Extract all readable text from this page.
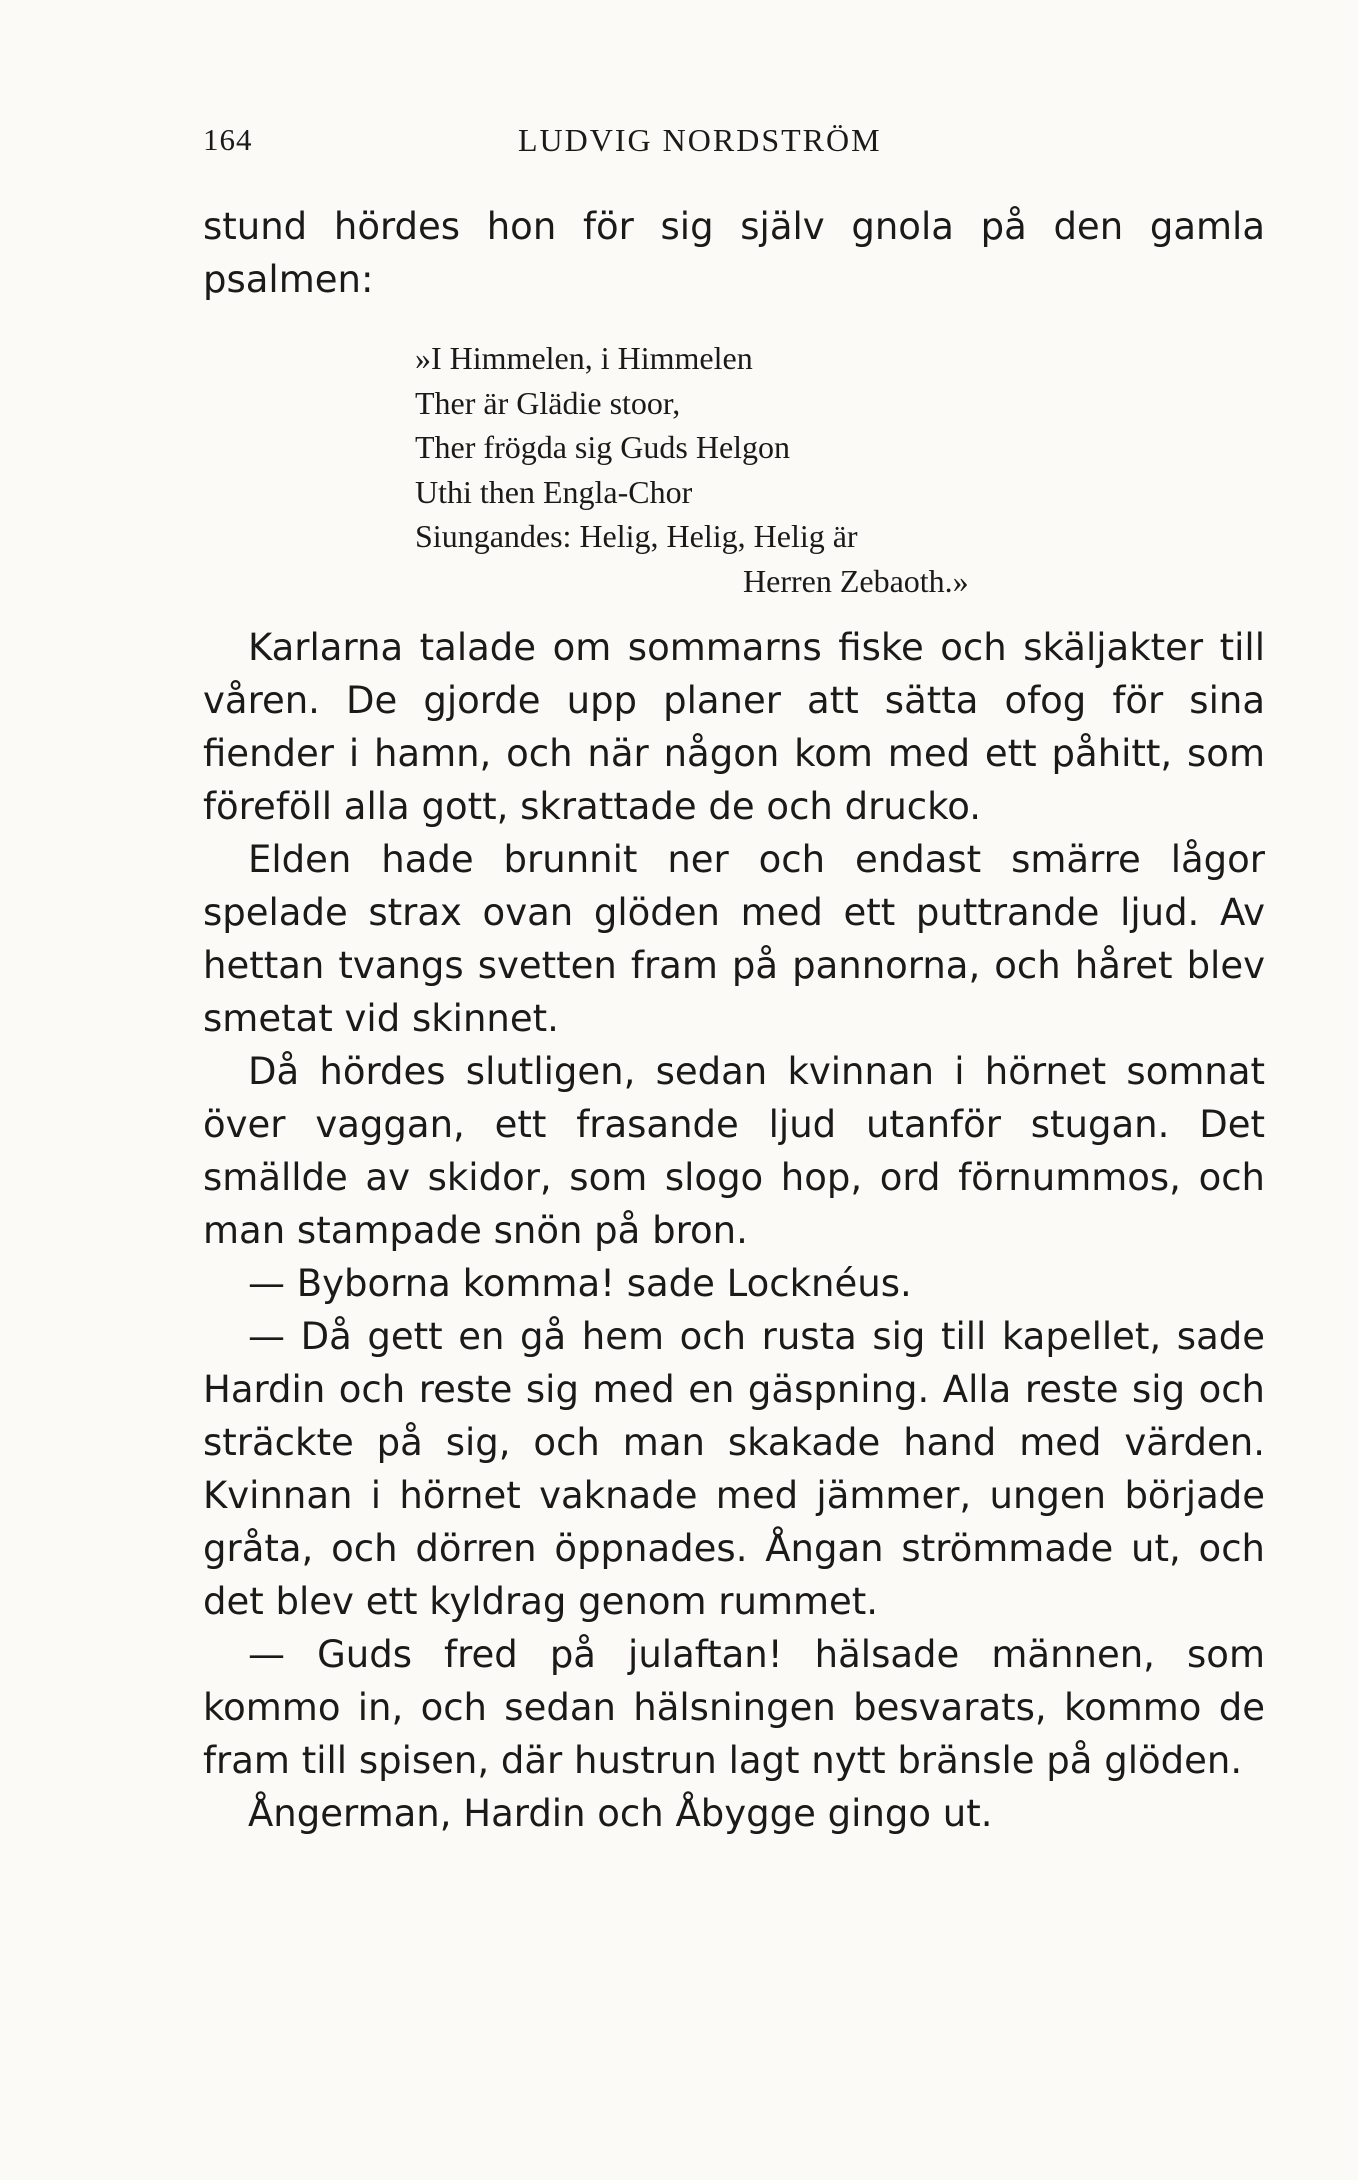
164	LUDVIG NORDSTRÖM

stund hördes hon för sig själv gnola på den gamla psalmen:

»I Himmelen, i Himmelen
Ther är Glädie stoor,
Ther frögda sig Guds Helgon
Uthi then Engla-Chor
Siungandes: Helig, Helig, Helig är
Herren Zebaoth.»

Karlarna talade om sommarns fiske och skäljakter till våren. De gjorde upp planer att sätta ofog för sina fiender i hamn, och när någon kom med ett påhitt, som föreföll alla gott, skrattade de och drucko.

Elden hade brunnit ner och endast smärre lågor spelade strax ovan glöden med ett puttrande ljud. Av hettan tvangs svetten fram på pannorna, och håret blev smetat vid skinnet.

Då hördes slutligen, sedan kvinnan i hörnet somnat över vaggan, ett frasande ljud utanför stugan. Det smällde av skidor, som slogo hop, ord förnummos, och man stampade snön på bron.

— Byborna komma! sade Locknéus.

— Då gett en gå hem och rusta sig till kapellet, sade Hardin och reste sig med en gäspning. Alla reste sig och sträckte på sig, och man skakade hand med värden. Kvinnan i hörnet vaknade med jämmer, ungen började gråta, och dörren öppnades. Ångan strömmade ut, och det blev ett kyldrag genom rummet.

— Guds fred på julaftan! hälsade männen, som kommo in, och sedan hälsningen besvarats, kommo de fram till spisen, där hustrun lagt nytt bränsle på glöden.

Ångerman, Hardin och Åbygge gingo ut.
